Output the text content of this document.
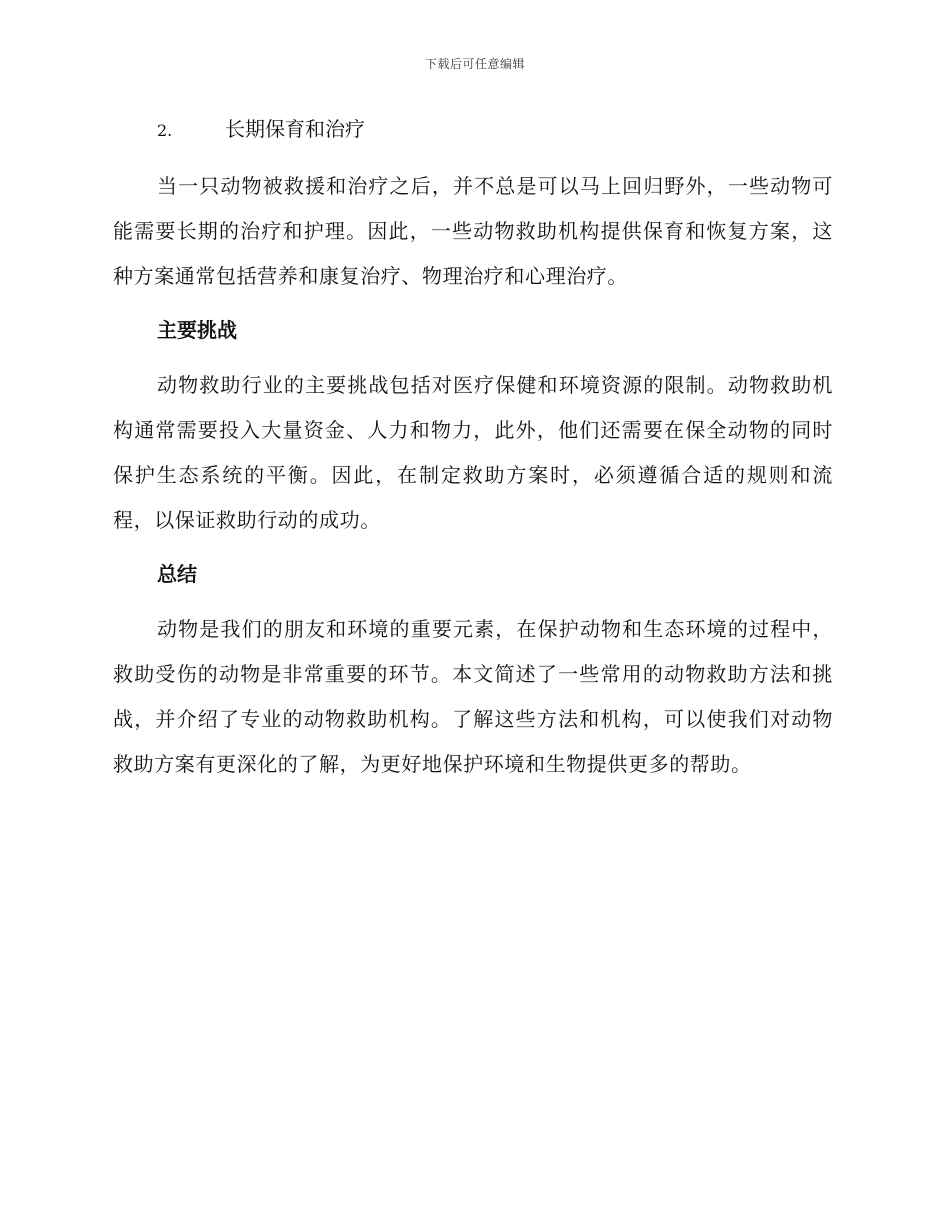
下载后可任意编辑
2.	长期保育和治疗

当一只动物被救援和治疗之后，并不总是可以马上回归野外，一些动物可能需要长期的治疗和护理。因此，一些动物救助机构提供保育和恢复方案，这种方案通常包括营养和康复治疗、物理治疗和心理治疗。

主要挑战

动物救助行业的主要挑战包括对医疗保健和环境资源的限制。动物救助机构通常需要投入大量资金、人力和物力，此外，他们还需要在保全动物的同时保护生态系统的平衡。因此，在制定救助方案时，必须遵循合适的规则和流程，以保证救助行动的成功。

总结

动物是我们的朋友和环境的重要元素，在保护动物和生态环境的过程中，救助受伤的动物是非常重要的环节。本文简述了一些常用的动物救助方法和挑战，并介绍了专业的动物救助机构。了解这些方法和机构，可以使我们对动物救助方案有更深化的了解，为更好地保护环境和生物提供更多的帮助。
